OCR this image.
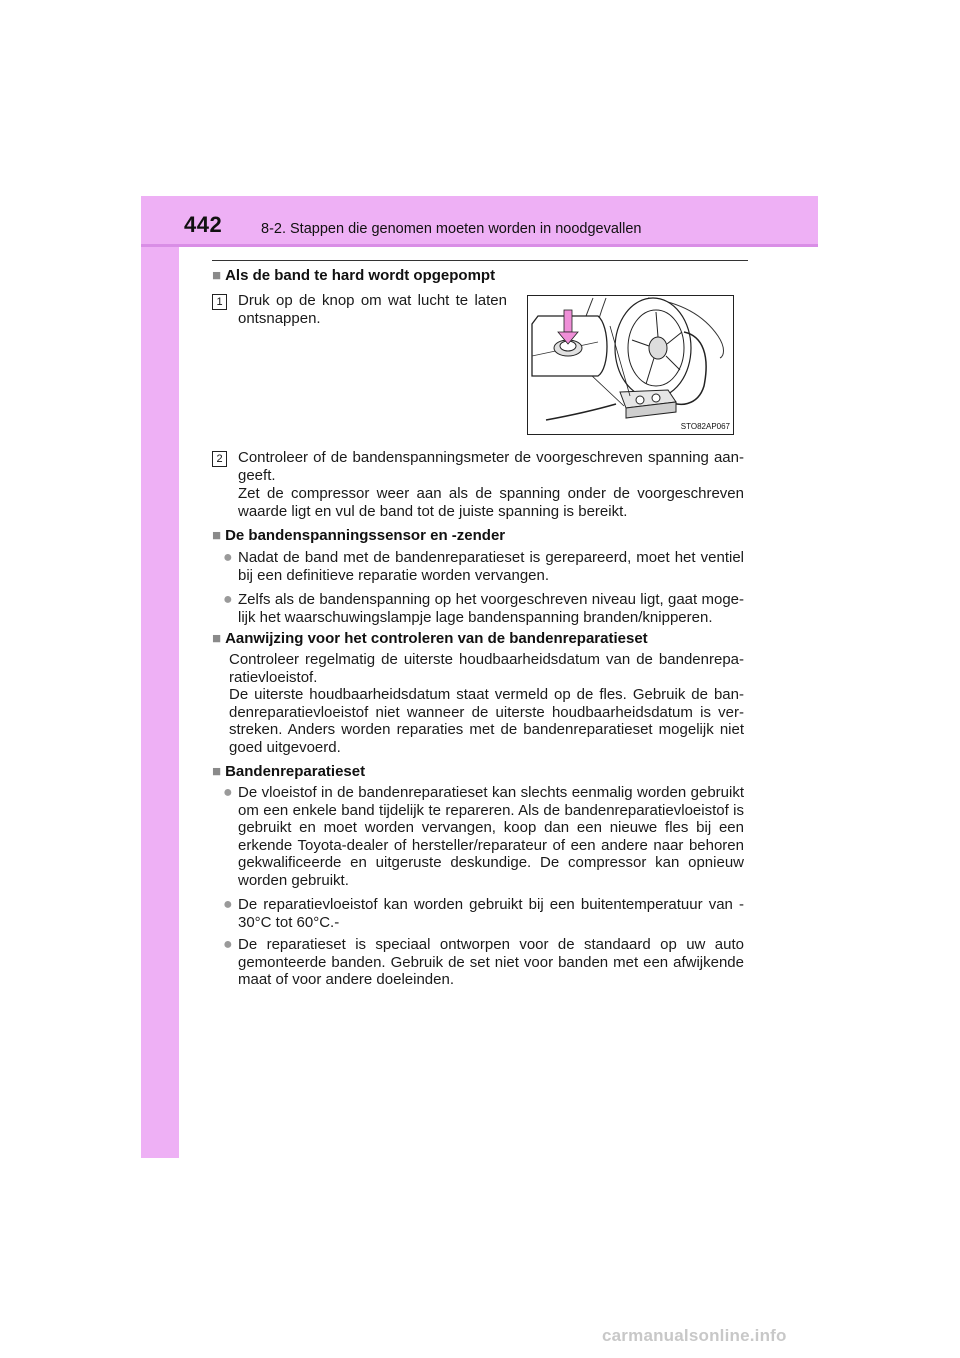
442	8-2. Stappen die genomen moeten worden in noodgevallen
■ Als de band te hard wordt opgepompt
1 Druk op de knop om wat lucht te laten ontsnappen.
STO82AP067
2 Controleer of de bandenspanningsmeter de voorgeschreven spanning aan- geeft.
Zet de compressor weer aan als de spanning onder de voorgeschreven waarde ligt en vul de band tot de juiste spanning is bereikt.
■ De bandenspanningssensor en -zender
● Nadat de band met de bandenreparatieset is gerepareerd, moet het ventiel bij een definitieve reparatie worden vervangen.
● Zelfs als de bandenspanning op het voorgeschreven niveau ligt, gaat moge- lijk het waarschuwingslampje lage bandenspanning branden/knipperen.
■ Aanwijzing voor het controleren van de bandenreparatieset
Controleer regelmatig de uiterste houdbaarheidsdatum van de bandenrepa- ratievloeistof.
De uiterste houdbaarheidsdatum staat vermeld op de fles. Gebruik de ban- denreparatievloeistof niet wanneer de uiterste houdbaarheidsdatum is ver- streken. Anders worden reparaties met de bandenreparatieset mogelijk niet goed uitgevoerd.
■ Bandenreparatieset
● De vloeistof in de bandenreparatieset kan slechts eenmalig worden gebruikt om een enkele band tijdelijk te repareren. Als de bandenreparatievloeistof is gebruikt en moet worden vervangen, koop dan een nieuwe fles bij een erkende Toyota-dealer of hersteller/reparateur of een andere naar behoren gekwalificeerde en uitgeruste deskundige. De compressor kan opnieuw worden gebruikt.
● De reparatievloeistof kan worden gebruikt bij een buitentemperatuur van - 30°C tot 60°C.-
● De reparatieset is speciaal ontworpen voor de standaard op uw auto gemonteerde banden. Gebruik de set niet voor banden met een afwijkende maat of voor andere doeleinden.
carmanualsonline.info
